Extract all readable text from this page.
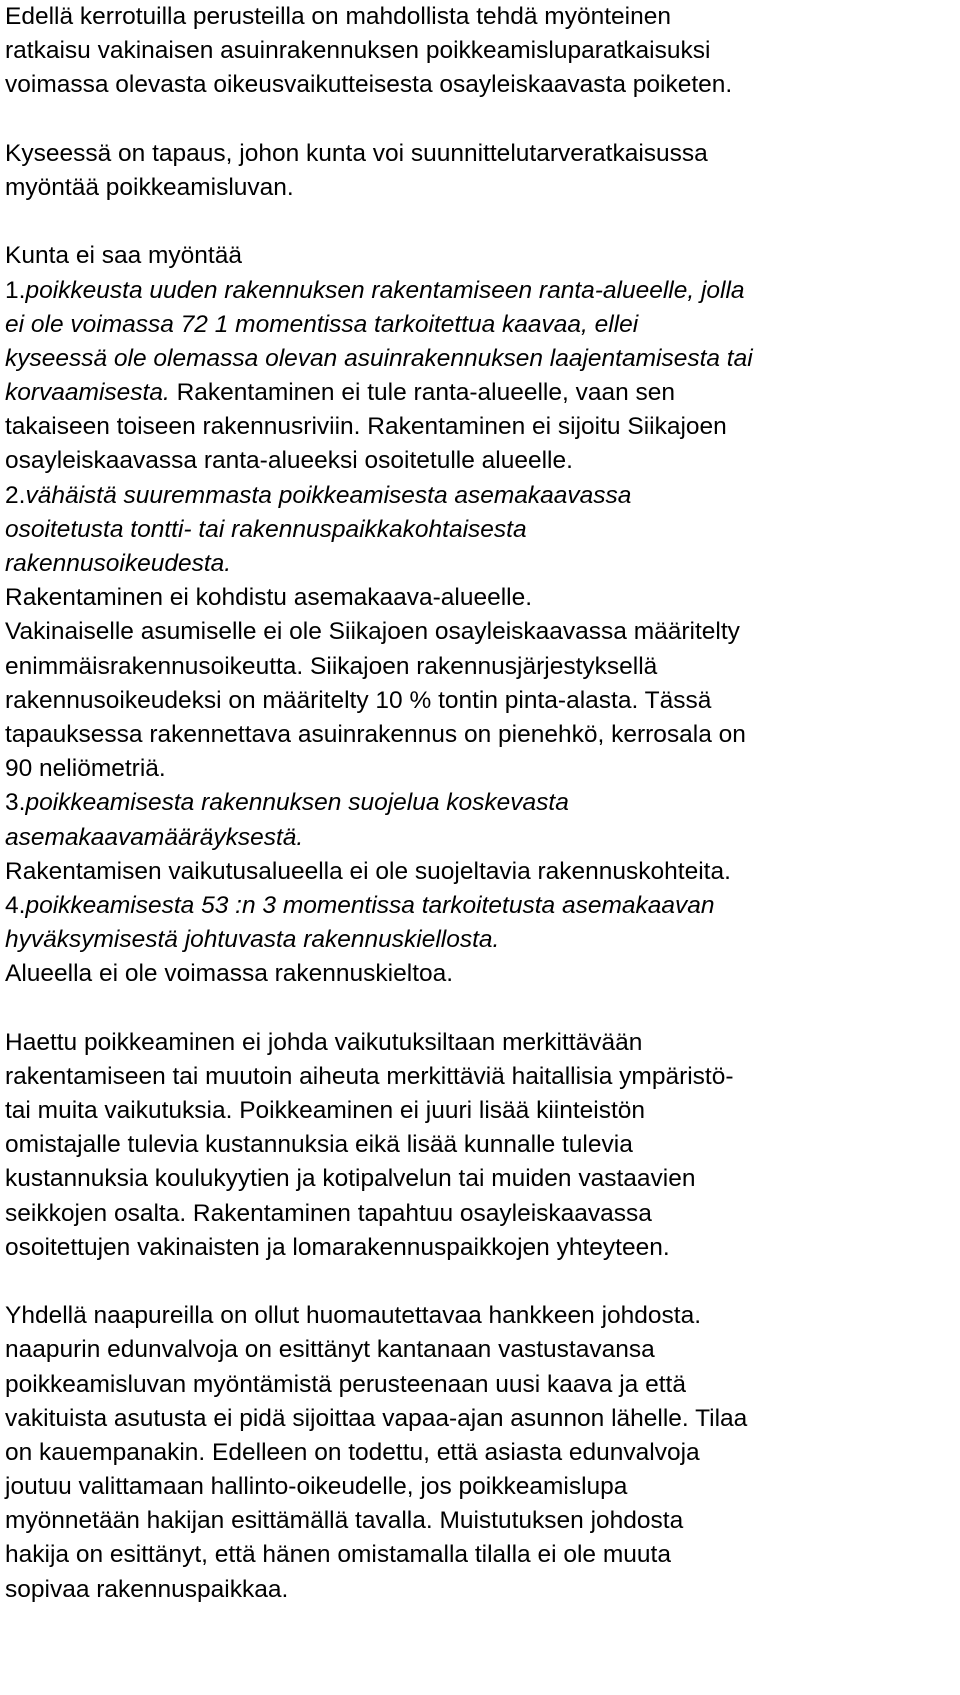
Edellä kerrotuilla perusteilla on mahdollista tehdä myönteinen
ratkaisu vakinaisen asuinrakennuksen poikkeamisluparatkaisuksi
voimassa olevasta oikeusvaikutteisesta osayleiskaavasta poiketen.
Kyseessä on tapaus, johon kunta voi suunnittelutarveratkaisussa
myöntää poikkeamisluvan.
Kunta ei saa myöntää
1.poikkeusta uuden rakennuksen rakentamiseen ranta-alueelle, jolla
ei ole voimassa 72 1 momentissa tarkoitettua kaavaa, ellei
kyseessä ole olemassa olevan asuinrakennuksen laajentamisesta tai
korvaamisesta. Rakentaminen ei tule ranta-alueelle, vaan sen
takaiseen toiseen rakennusriviin. Rakentaminen ei sijoitu Siikajoen
osayleiskaavassa ranta-alueeksi osoitetulle alueelle.
2.vähäistä suuremmasta poikkeamisesta asemakaavassa
osoitetusta tontti- tai rakennuspaikkakohtaisesta
rakennusoikeudesta.
Rakentaminen ei kohdistu asemakaava-alueelle.
Vakinaiselle asumiselle ei ole Siikajoen osayleiskaavassa määritelty
enimmäisrakennusoikeutta. Siikajoen rakennusjärjestyksellä
rakennusoikeudeksi on määritelty 10 % tontin pinta-alasta. Tässä
tapauksessa rakennettava asuinrakennus on pienehkö, kerrosala on
90 neliömetriä.
3.poikkeamisesta rakennuksen suojelua koskevasta
asemakaavamääräyksestä.
Rakentamisen vaikutusalueella ei ole suojeltavia rakennuskohteita.
4.poikkeamisesta 53 :n 3 momentissa tarkoitetusta asemakaavan
hyväksymisestä johtuvasta rakennuskiellosta.
Alueella ei ole voimassa rakennuskieltoa.
Haettu poikkeaminen ei johda vaikutuksiltaan merkittävään
rakentamiseen tai muutoin aiheuta merkittäviä haitallisia ympäristö-
tai muita vaikutuksia. Poikkeaminen ei juuri lisää kiinteistön
omistajalle tulevia kustannuksia eikä lisää kunnalle tulevia
kustannuksia koulukyytien ja kotipalvelun tai muiden vastaavien
seikkojen osalta. Rakentaminen tapahtuu osayleiskaavassa
osoitettujen vakinaisten ja lomarakennuspaikkojen yhteyteen.
Yhdellä naapureilla on ollut huomautettavaa hankkeen johdosta.
naapurin edunvalvoja on esittänyt kantanaan vastustavansa
poikkeamisluvan myöntämistä perusteenaan uusi kaava ja että
vakituista asutusta ei pidä sijoittaa vapaa-ajan asunnon lähelle. Tilaa
on kauempanakin. Edelleen on todettu, että asiasta edunvalvoja
joutuu valittamaan hallinto-oikeudelle, jos poikkeamislupa
myönnetään hakijan esittämällä tavalla. Muistutuksen johdosta
hakija on esittänyt, että hänen omistamalla tilalla ei ole muuta
sopivaa rakennuspaikkaa.
